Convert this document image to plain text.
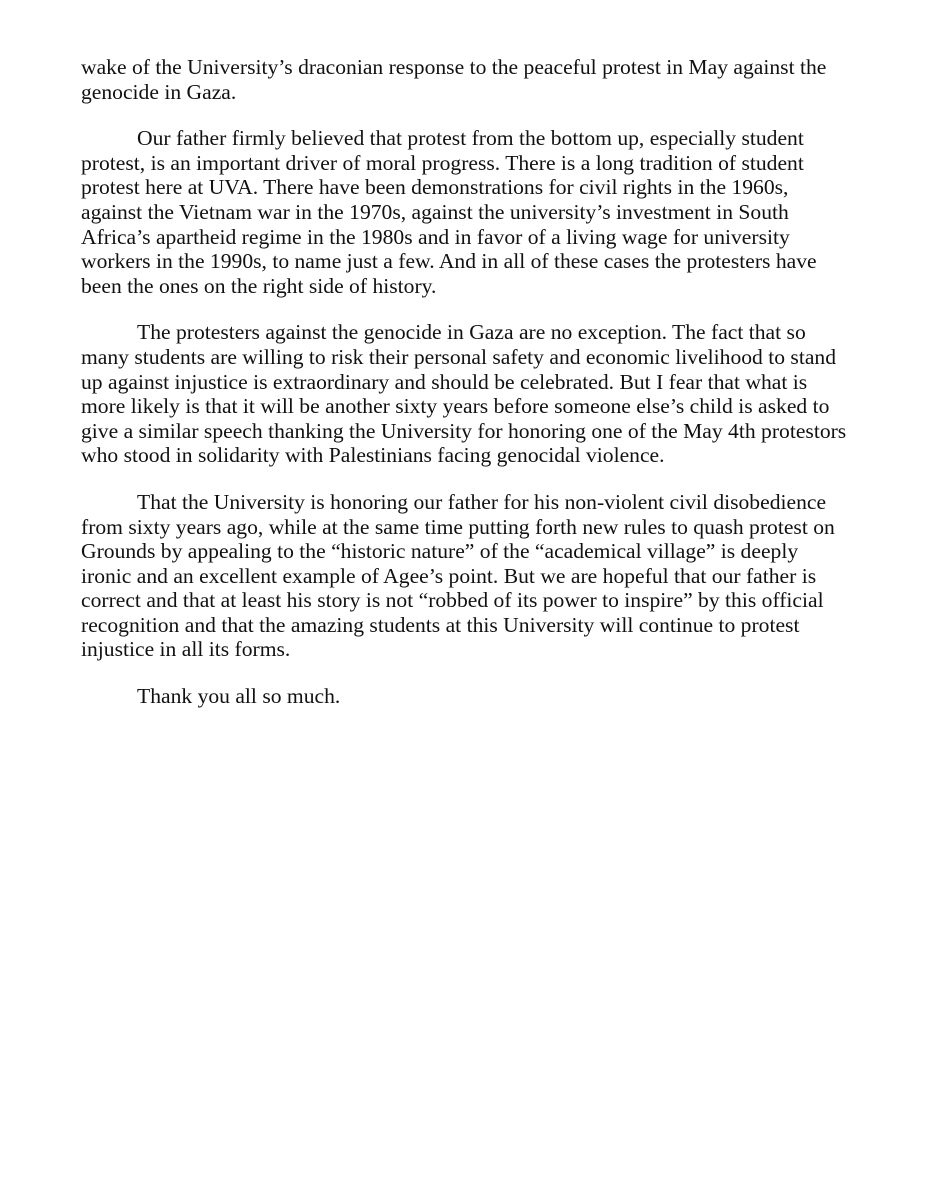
wake of the University’s draconian response to the peaceful protest in May against the genocide in Gaza.

Our father firmly believed that protest from the bottom up, especially student protest, is an important driver of moral progress. There is a long tradition of student protest here at UVA. There have been demonstrations for civil rights in the 1960s, against the Vietnam war in the 1970s, against the university’s investment in South Africa’s apartheid regime in the 1980s and in favor of a living wage for university workers in the 1990s, to name just a few. And in all of these cases the protesters have been the ones on the right side of history.

The protesters against the genocide in Gaza are no exception. The fact that so many students are willing to risk their personal safety and economic livelihood to stand up against injustice is extraordinary and should be celebrated. But I fear that what is more likely is that it will be another sixty years before someone else’s child is asked to give a similar speech thanking the University for honoring one of the May 4th protestors who stood in solidarity with Palestinians facing genocidal violence.

That the University is honoring our father for his non-violent civil disobedience from sixty years ago, while at the same time putting forth new rules to quash protest on Grounds by appealing to the “historic nature” of the “academical village” is deeply ironic and an excellent example of Agee’s point. But we are hopeful that our father is correct and that at least his story is not “robbed of its power to inspire” by this official recognition and that the amazing students at this University will continue to protest injustice in all its forms.

Thank you all so much.
